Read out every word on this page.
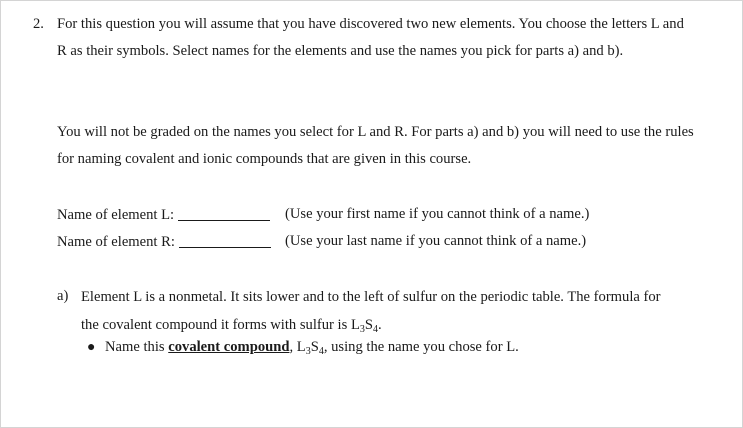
2. For this question you will assume that you have discovered two new elements. You choose the letters L and R as their symbols. Select names for the elements and use the names you pick for parts a) and b).
You will not be graded on the names you select for L and R. For parts a) and b) you will need to use the rules for naming covalent and ionic compounds that are given in this course.
Name of element L:	(Use your first name if you cannot think of a name.)
Name of element R:	(Use your last name if you cannot think of a name.)
a) Element L is a nonmetal. It sits lower and to the left of sulfur on the periodic table. The formula for the covalent compound it forms with sulfur is $L_3S_4$.
● Name this covalent compound, $L_3S_4$, using the name you chose for L.
